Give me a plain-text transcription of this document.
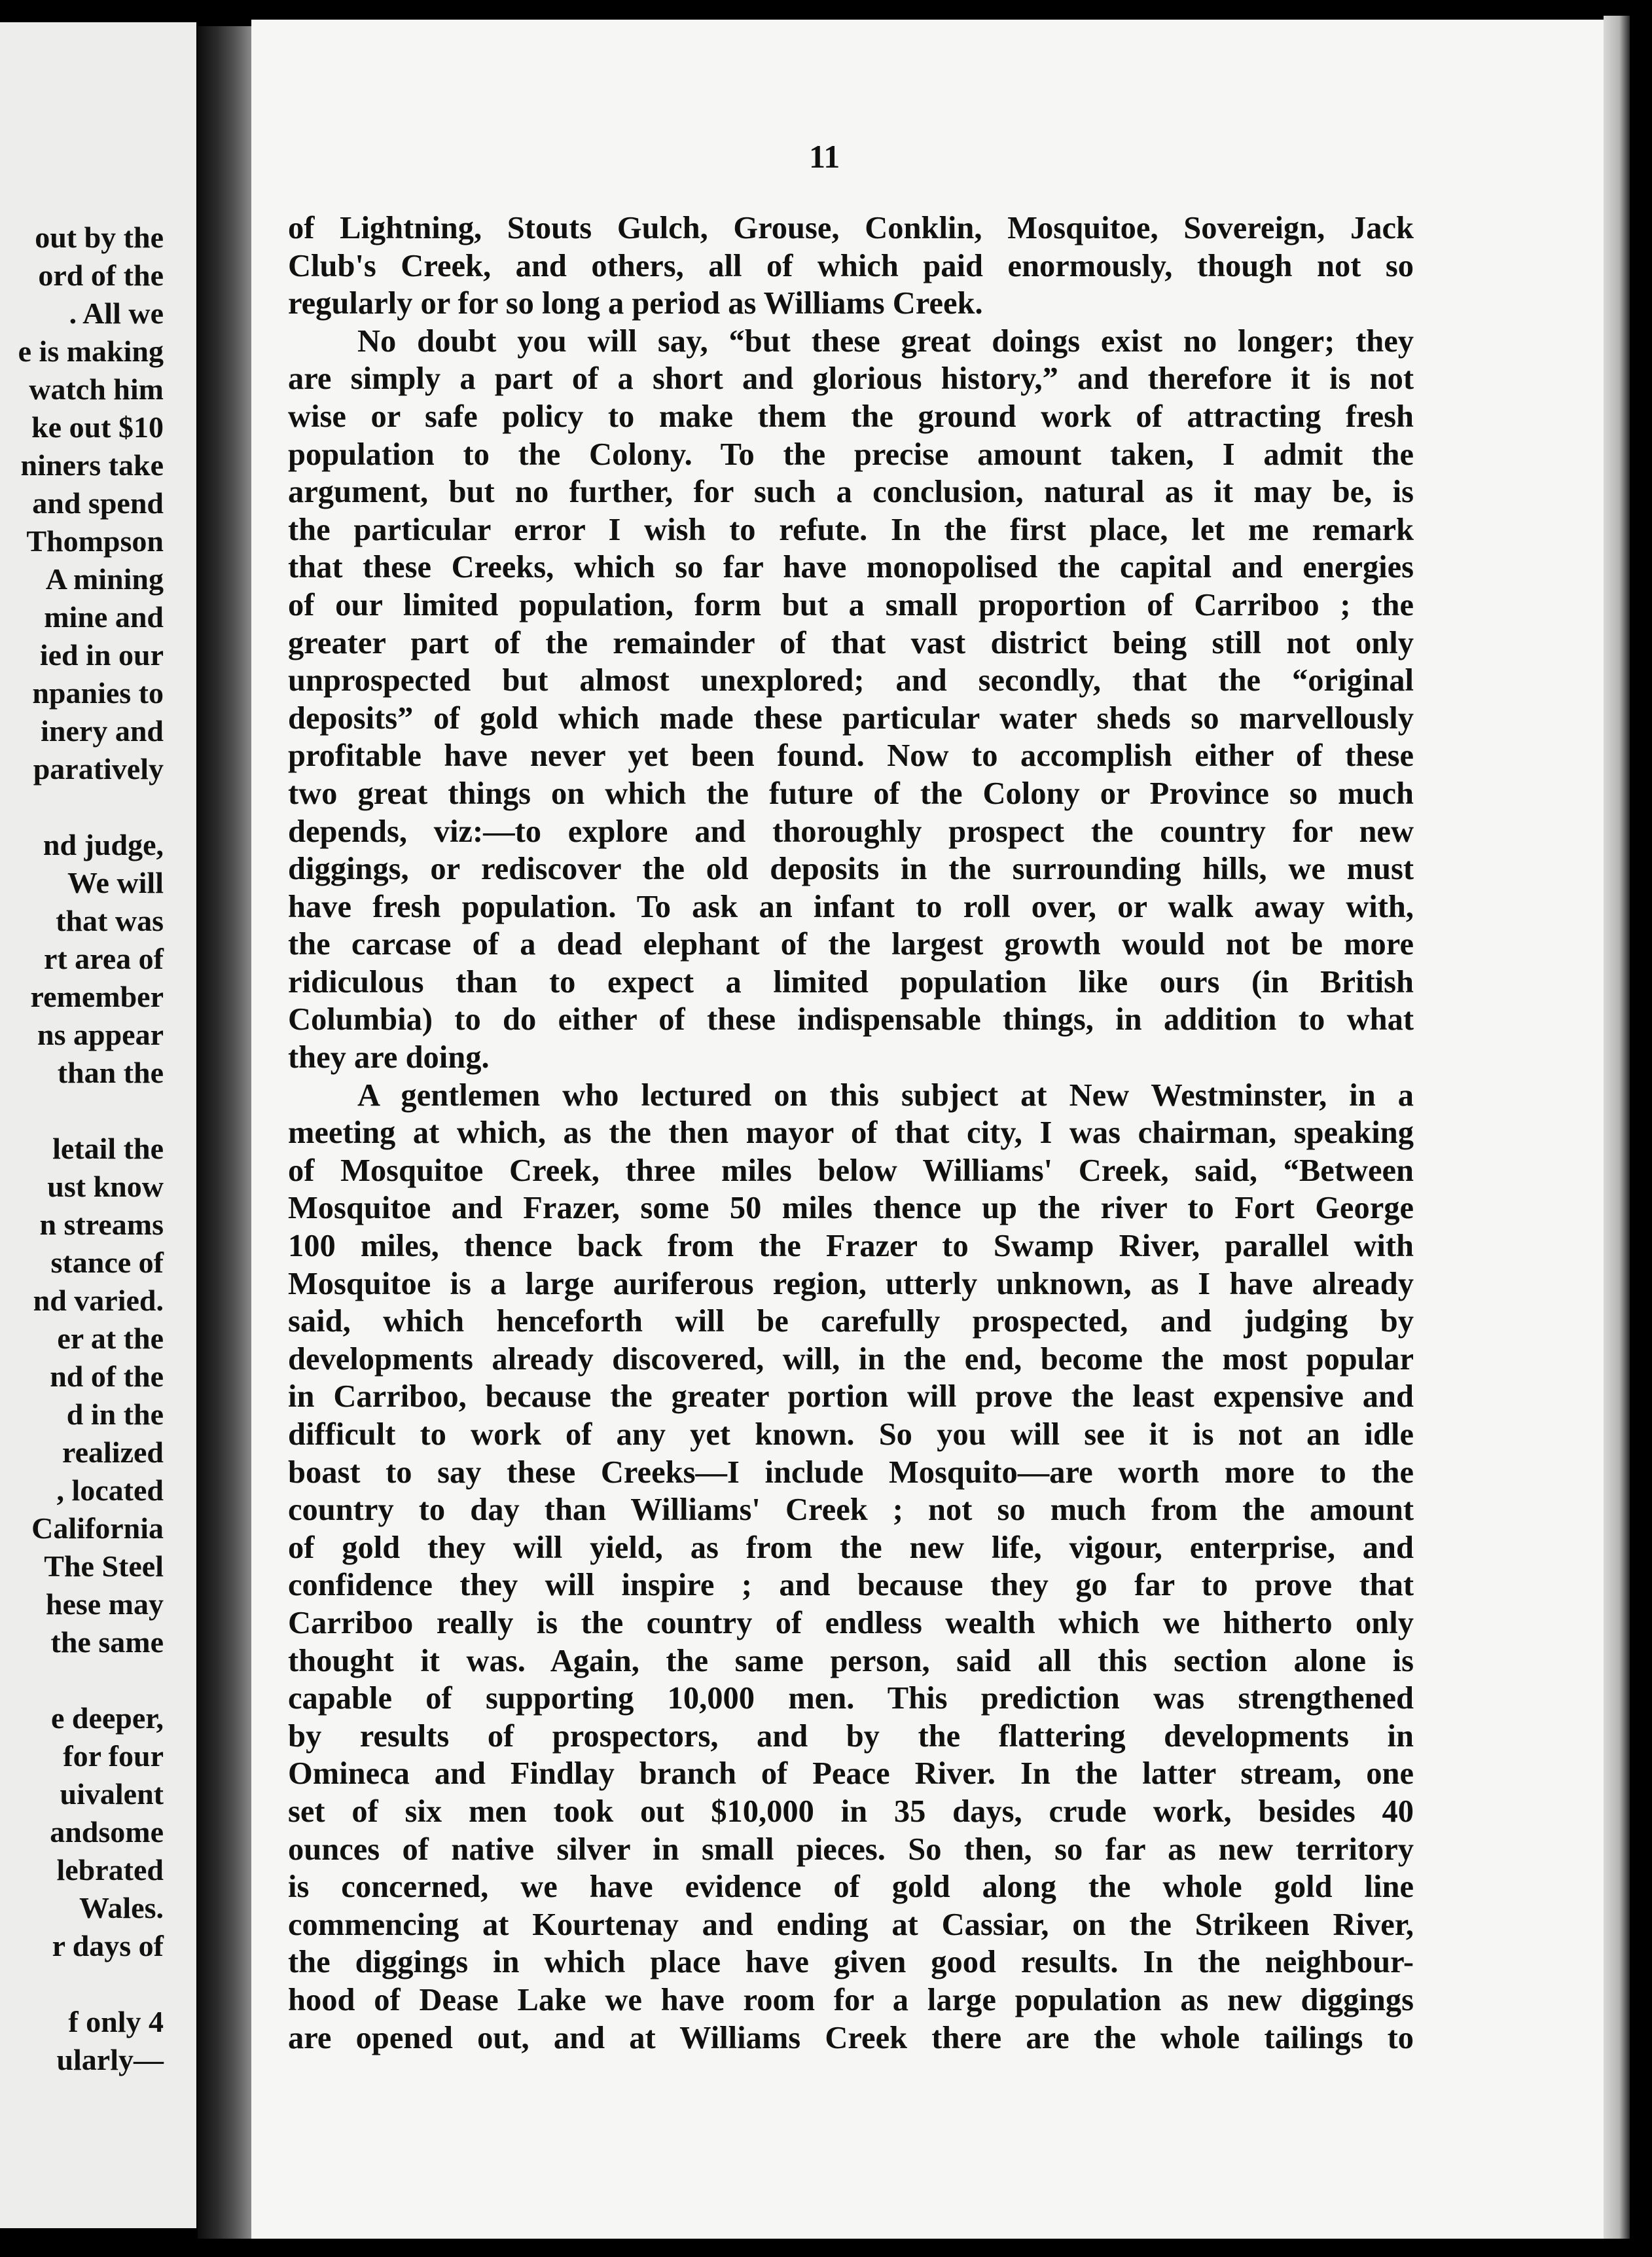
out by the
ord of the
. All we
e is making
watch him
ke out $10
niners take
and spend
Thompson
A mining
mine and
ied in our
npanies to
inery and
paratively
nd judge,
We will
that was
rt area of
remember
ns appear
than the
letail the
ust know
n streams
stance of
nd varied.
er at the
nd of the
d in the
realized
, located
California
The Steel
hese may
the same
e deeper,
for four
uivalent
andsome
lebrated
Wales.
r days of
f only 4
ularly—
11
of Lightning, Stouts Gulch, Grouse, Conklin, Mosquitoe, Sovereign, Jack
Club's Creek, and others, all of which paid enormously, though not so
regularly or for so long a period as Williams Creek.
No doubt you will say, “but these great doings exist no longer; they
are simply a part of a short and glorious history,” and therefore it is not
wise or safe policy to make them the ground work of attracting fresh
population to the Colony. To the precise amount taken, I admit the
argument, but no further, for such a conclusion, natural as it may be, is
the particular error I wish to refute. In the first place, let me remark
that these Creeks, which so far have monopolised the capital and energies
of our limited population, form but a small proportion of Carriboo ; the
greater part of the remainder of that vast district being still not only
unprospected but almost unexplored; and secondly, that the “original
deposits” of gold which made these particular water sheds so marvellously
profitable have never yet been found. Now to accomplish either of these
two great things on which the future of the Colony or Province so much
depends, viz:—to explore and thoroughly prospect the country for new
diggings, or rediscover the old deposits in the surrounding hills, we must
have fresh population. To ask an infant to roll over, or walk away with,
the carcase of a dead elephant of the largest growth would not be more
ridiculous than to expect a limited population like ours (in British
Columbia) to do either of these indispensable things, in addition to what
they are doing.
A gentlemen who lectured on this subject at New Westminster, in a
meeting at which, as the then mayor of that city, I was chairman, speaking
of Mosquitoe Creek, three miles below Williams' Creek, said, “Between
Mosquitoe and Frazer, some 50 miles thence up the river to Fort George
100 miles, thence back from the Frazer to Swamp River, parallel with
Mosquitoe is a large auriferous region, utterly unknown, as I have already
said, which henceforth will be carefully prospected, and judging by
developments already discovered, will, in the end, become the most popular
in Carriboo, because the greater portion will prove the least expensive and
difficult to work of any yet known. So you will see it is not an idle
boast to say these Creeks—I include Mosquito—are worth more to the
country to day than Williams' Creek ; not so much from the amount
of gold they will yield, as from the new life, vigour, enterprise, and
confidence they will inspire ; and because they go far to prove that
Carriboo really is the country of endless wealth which we hitherto only
thought it was. Again, the same person, said all this section alone is
capable of supporting 10,000 men. This prediction was strengthened
by results of prospectors, and by the flattering developments in
Omineca and Findlay branch of Peace River. In the latter stream, one
set of six men took out $10,000 in 35 days, crude work, besides 40
ounces of native silver in small pieces. So then, so far as new territory
is concerned, we have evidence of gold along the whole gold line
commencing at Kourtenay and ending at Cassiar, on the Strikeen River,
the diggings in which place have given good results. In the neighbour-
hood of Dease Lake we have room for a large population as new diggings
are opened out, and at Williams Creek there are the whole tailings to
